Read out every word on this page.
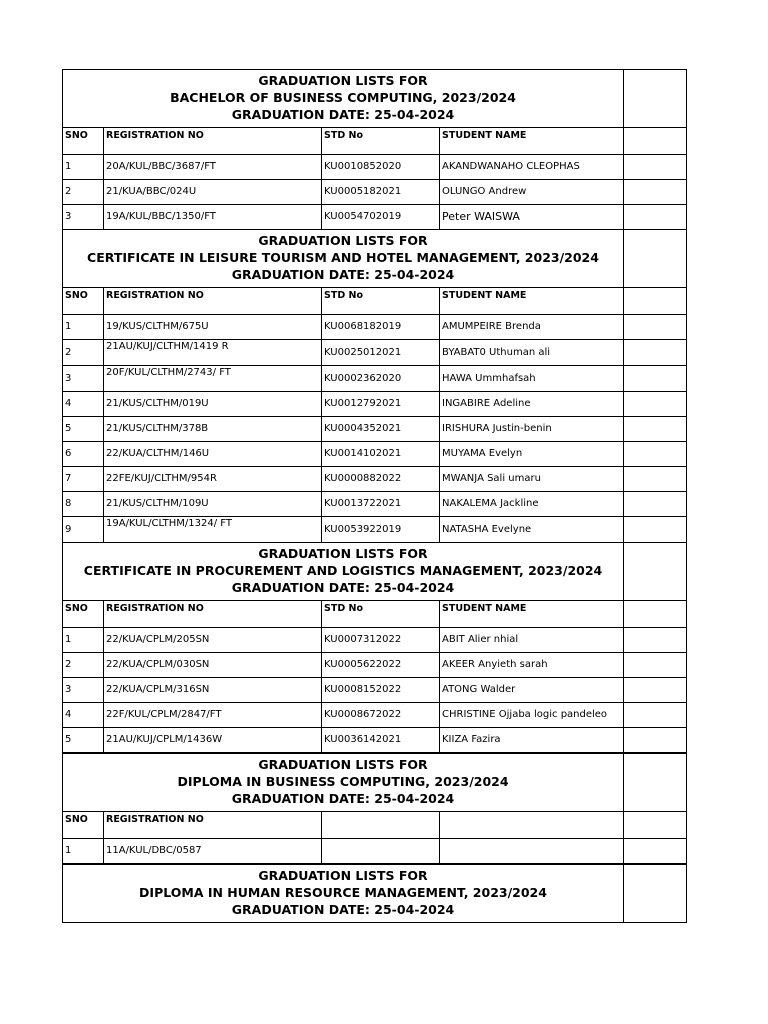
GRADUATION LISTS FOR
BACHELOR OF BUSINESS COMPUTING, 2023/2024
GRADUATION DATE: 25-04-2024				

SNO	REGISTRATION NO	STD No	STUDENT NAME	
1	20A/KUL/BBC/3687/FT	KU0010852020	AKANDWANAHO CLEOPHAS	
2	21/KUA/BBC/024U	KU0005182021	OLUNGO Andrew	
3	19A/KUL/BBC/1350/FT	KU0054702019	Peter WAISWA	

GRADUATION LISTS FOR
CERTIFICATE IN LEISURE TOURISM AND HOTEL MANAGEMENT, 2023/2024
GRADUATION DATE: 25-04-2024				

SNO	REGISTRATION NO	STD No	STUDENT NAME	
1	19/KUS/CLTHM/675U	KU0068182019	AMUMPEIRE Brenda	
2	21AU/KUJ/CLTHM/1419 R	KU0025012021	BYABAT0 Uthuman ali	
3	20F/KUL/CLTHM/2743/ FT	KU0002362020	HAWA Ummhafsah	
4	21/KUS/CLTHM/019U	KU0012792021	INGABIRE Adeline	
5	21/KUS/CLTHM/378B	KU0004352021	IRISHURA Justin-benin	
6	22/KUA/CLTHM/146U	KU0014102021	MUYAMA Evelyn	
7	22FE/KUJ/CLTHM/954R	KU0000882022	MWANJA Sali umaru	
8	21/KUS/CLTHM/109U	KU0013722021	NAKALEMA Jackline	
9	19A/KUL/CLTHM/1324/ FT	KU0053922019	NATASHA Evelyne	

GRADUATION LISTS FOR
CERTIFICATE IN PROCUREMENT AND LOGISTICS MANAGEMENT, 2023/2024
GRADUATION DATE: 25-04-2024				

SNO	REGISTRATION NO	STD No	STUDENT NAME	
1	22/KUA/CPLM/205SN	KU0007312022	ABIT Alier nhial	
2	22/KUA/CPLM/030SN	KU0005622022	AKEER Anyieth sarah	
3	22/KUA/CPLM/316SN	KU0008152022	ATONG Walder	
4	22F/KUL/CPLM/2847/FT	KU0008672022	CHRISTINE Ojjaba logic pandeleo	
5	21AU/KUJ/CPLM/1436W	KU0036142021	KIIZA Fazira	

GRADUATION LISTS FOR
DIPLOMA IN BUSINESS COMPUTING, 2023/2024
GRADUATION DATE: 25-04-2024				

SNO	REGISTRATION NO			
1	11A/KUL/DBC/0587			

GRADUATION LISTS FOR
DIPLOMA IN HUMAN RESOURCE MANAGEMENT, 2023/2024
GRADUATION DATE: 25-04-2024				
